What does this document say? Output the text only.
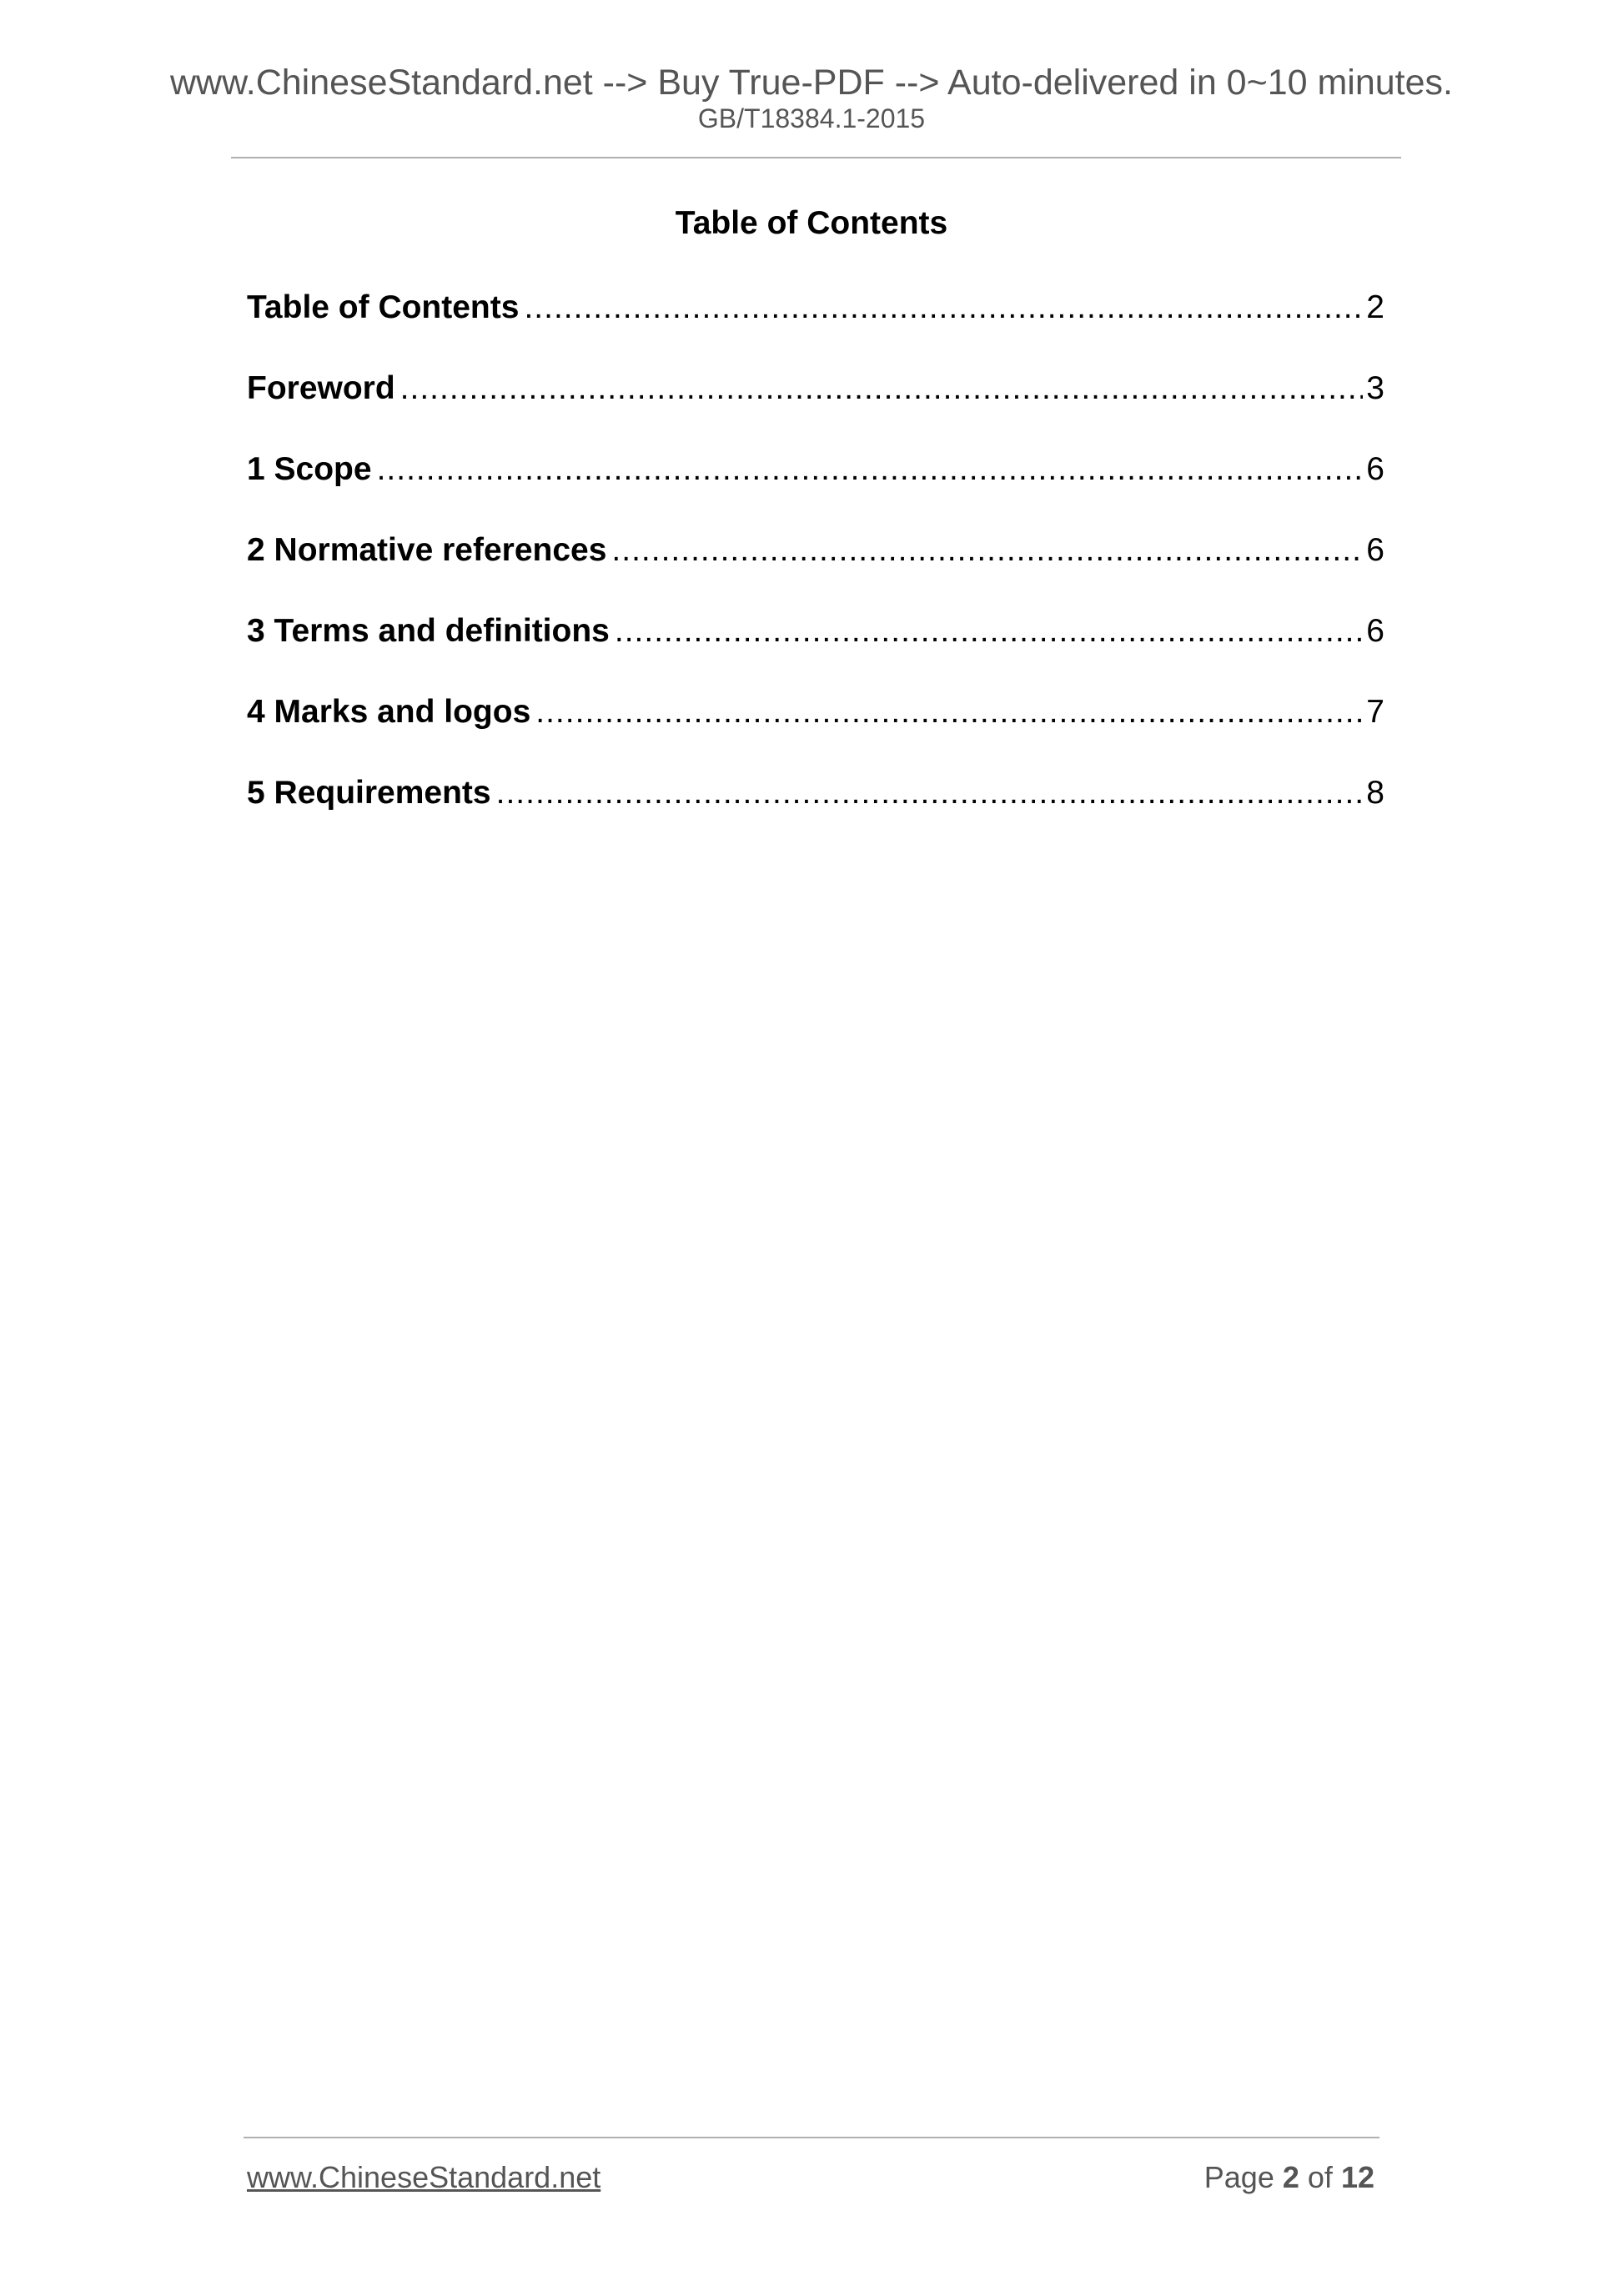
www.ChineseStandard.net --> Buy True-PDF --> Auto-delivered in 0~10 minutes.
GB/T18384.1-2015
Table of Contents
Table of Contents .....	2
Foreword .....	3
1 Scope .....	6
2 Normative references .....	6
3 Terms and definitions .....	6
4 Marks and logos .....	7
5 Requirements .....	8
www.ChineseStandard.net	Page 2 of 12
